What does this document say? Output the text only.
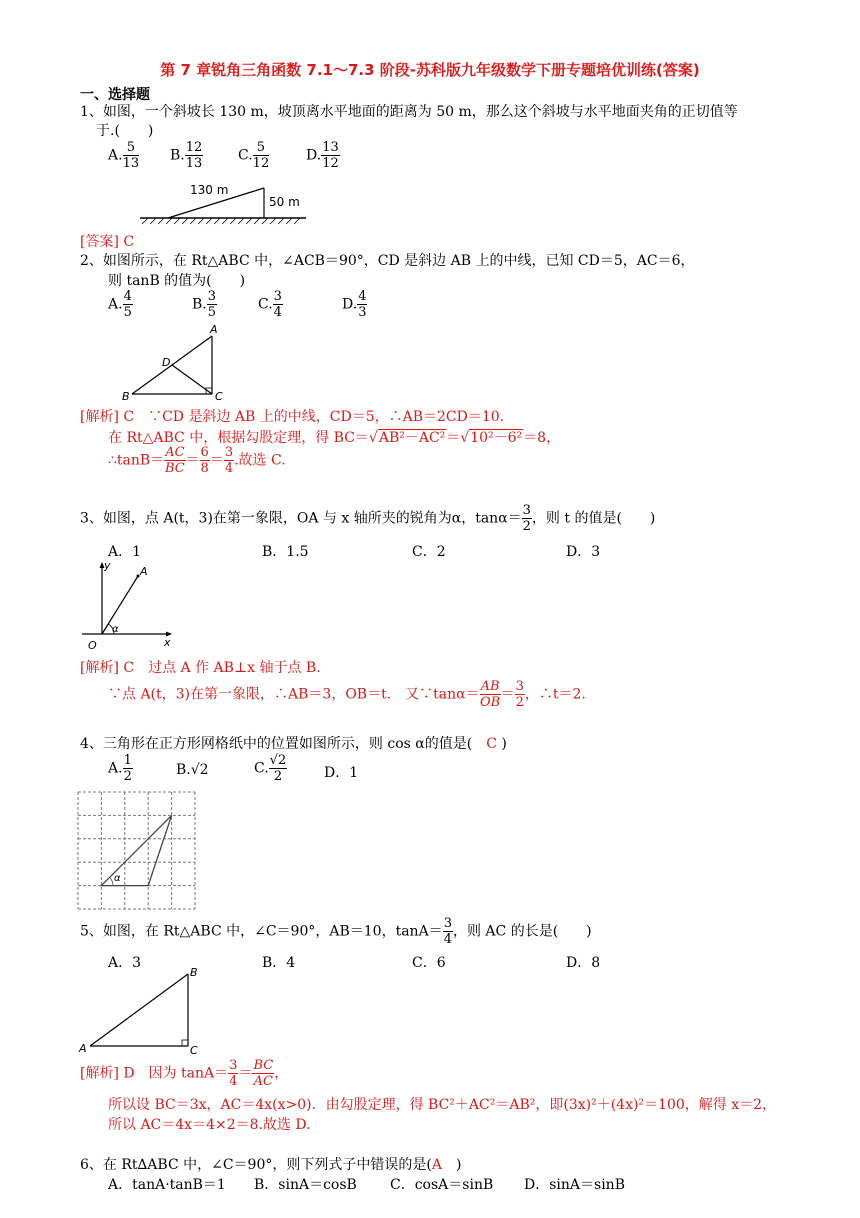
第 7 章锐角三角函数 7.1～7.3 阶段-苏科版九年级数学下册专题培优训练(答案)
一、选择题
1、如图，一个斜坡长 130 m，坡顶离水平地面的距离为 50 m，那么这个斜坡与水平地面夹角的正切值等
于.(　　)
A. $\frac{5}{13} B$. $\frac{12}{13} C$. $\frac{5}{12}$	D. $\frac{13}{12}$
130 m
50 m
[答案] C
2、如图所示，在 Rt△ABC 中，∠ACB＝90°，CD 是斜边 AB 上的中线，已知 CD＝5，AC＝6，
则 tanB 的值为(　　)
A. $\frac{4}{5}$	B. $\frac{3}{5}$	C. $\frac{3}{4}$	D. $\frac{4}{3}$
A
B	C
D
[解析] C　∵CD 是斜边 AB 上的中线，CD＝5，∴AB＝2CD＝10.
在 Rt△ABC 中，根据勾股定理，得 BC＝√AB²－AC²＝√10²－6²＝8，
∴tanB＝ $\frac{AC}{BC} = \frac{6}{8} = \frac{3}{4}$ .故选 C.
3、如图，点 A(t，3)在第一象限，OA 与 x 轴所夹的锐角为α，$\tan\alpha= \frac{3}{2}$ ，则 t 的值是(　　)
A．1	B．1.5	C．2	D．3
y
x
O
A
α
[解析] C　过点 A 作 AB⊥x 轴于点 B.
∵点 A(t，3)在第一象限，∴AB＝3，OB＝t.　又∵tanα＝ $\frac{AB}{OB} = \frac{3}{2}$ ，∴t＝2.
4、三角形在正方形网格纸中的位置如图所示，则 cos α的值是(　C )
A. $\frac{1}{2}$	B.√2	C. $\frac{√2}{2}$	D．1
α
5、如图，在 Rt△ABC 中，∠C＝90°，AB＝10，$\tan A= \frac{3}{4}$ ，则 AC 的长是(　　)
A．3	B．4	C．6	D．8
B
A	C
[解析] D　因为 $\tan A= \frac{3}{4} = \frac{BC}{AC}$ ，
所以设 BC＝3x，AC＝4x(x>0)．由勾股定理，得 BC²＋AC²＝AB²，即(3x)²＋(4x)²＝100，解得 x＝2，
所以 AC＝4x＝4×2＝8.故选 D.
6、在 Rt∆ABC 中，∠C＝90°，则下列式子中错误的是(A　)
A．tanA·tanB＝1 B．sinA＝cosB C．cosA＝sinB D．sinA＝sinB
